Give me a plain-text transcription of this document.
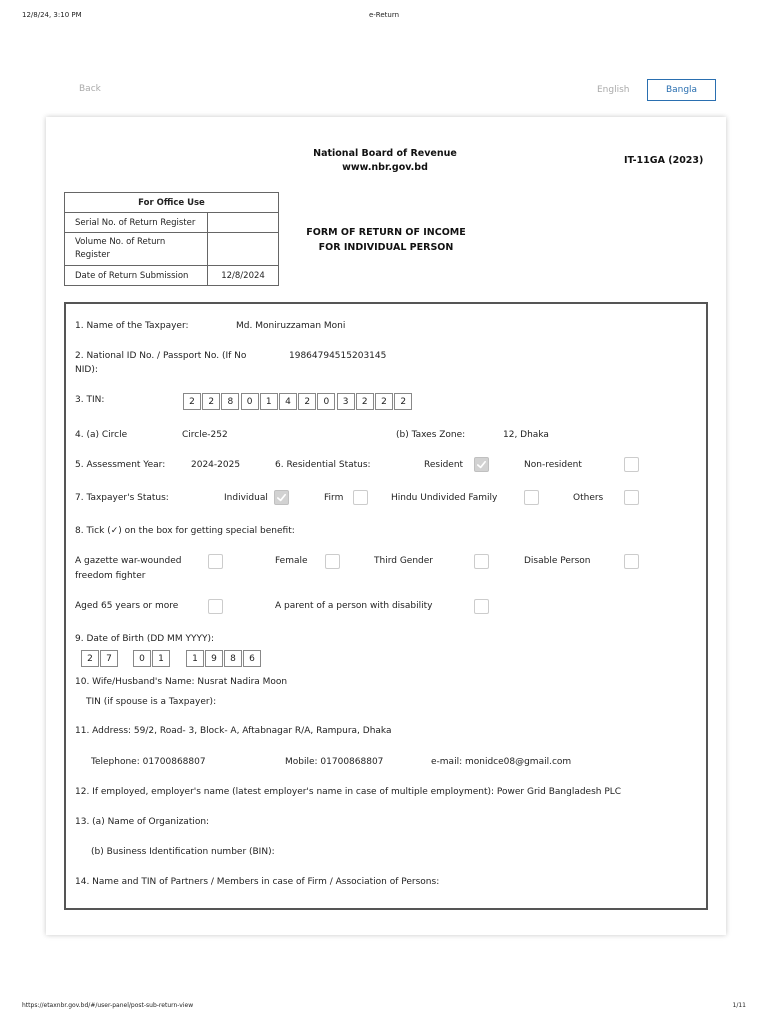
12/8/24, 3:10 PM	e-Return
Back	English	Bangla
National Board of Revenue
www.nbr.gov.bd
IT-11GA (2023)
For Office Use	
Serial No. of Return Register	
Volume No. of Return Register	
Date of Return Submission	12/8/2024
FORM OF RETURN OF INCOME FOR INDIVIDUAL PERSON
1. Name of the Taxpayer:	Md. Moniruzzaman Moni
2. National ID No. / Passport No. (If No
NID):
19864794515203145
3. TIN:	2	2	8	0	1	4	2	0	3	2	2	2
4. (a) Circle	Circle-252	(b) Taxes Zone:	12, Dhaka
5. Assessment Year:	2024-2025	6. Residential Status:	Resident	Non-resident
7. Taxpayer's Status:	Individual	Firm	Hindu Undivided Family	Others
8. Tick (✓) on the box for getting special benefit:
A gazette war-wounded
freedom fighter
Female	Third Gender	Disable Person
Aged 65 years or more	A parent of a person with disability
9. Date of Birth (DD MM YYYY):
2	7	0	1	1	9	8	6
10. Wife/Husband's Name: Nusrat Nadira Moon
TIN (if spouse is a Taxpayer):
11. Address: 59/2, Road- 3, Block- A, Aftabnagar R/A, Rampura, Dhaka
Telephone: 01700868807	Mobile: 01700868807	e-mail: monidce08@gmail.com
12. If employed, employer's name (latest employer's name in case of multiple employment): Power Grid Bangladesh PLC
13. (a) Name of Organization:
(b) Business Identification number (BIN):
14. Name and TIN of Partners / Members in case of Firm / Association of Persons:
https://etaxnbr.gov.bd/#/user-panel/post-sub-return-view	1/11
